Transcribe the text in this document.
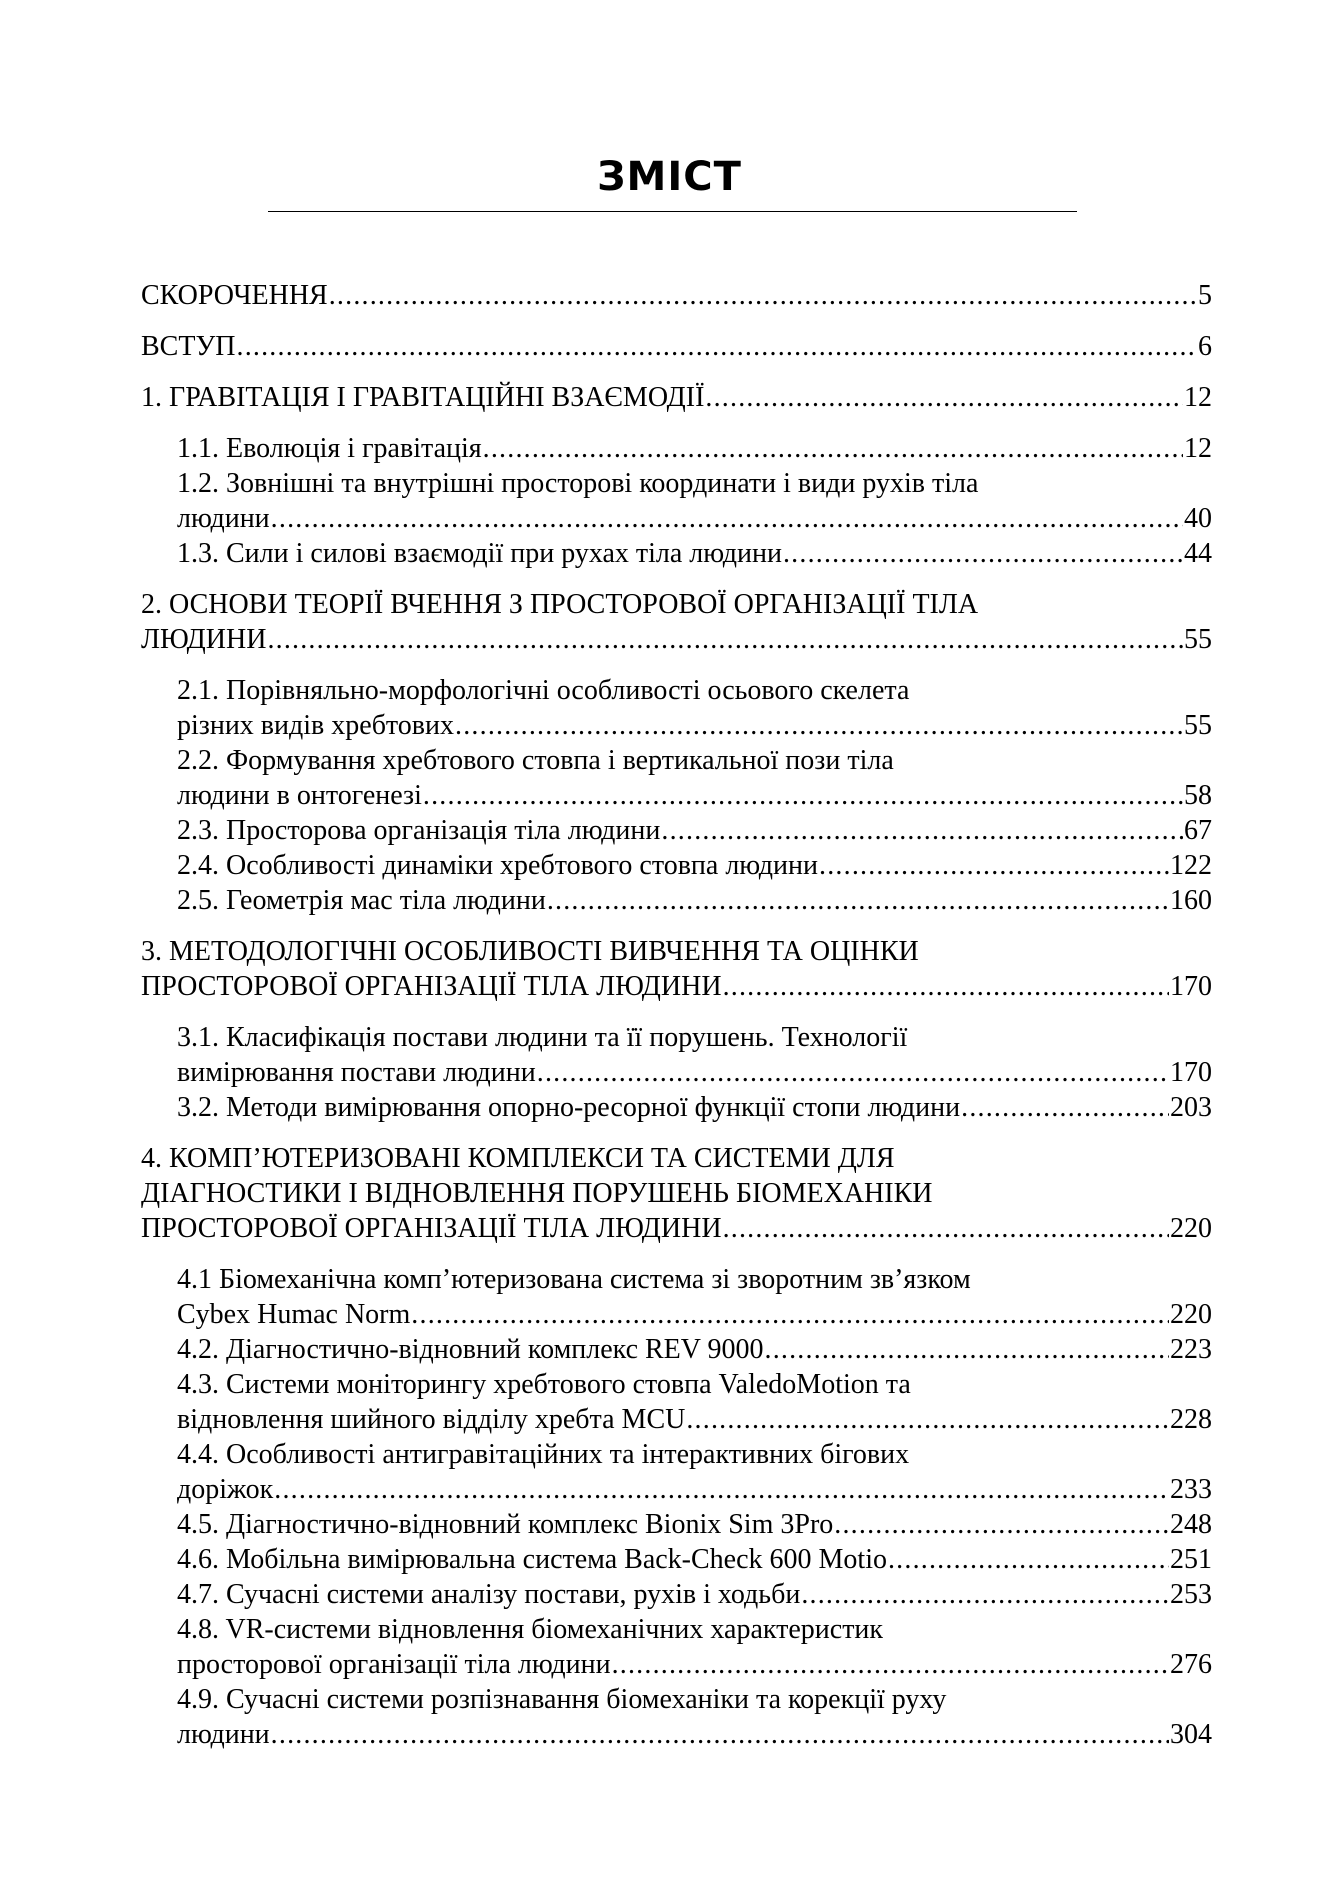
ЗМІСТ
СКОРОЧЕННЯ .....	5
ВСТУП .....	6
1. ГРАВІТАЦІЯ І ГРАВІТАЦІЙНІ ВЗАЄМОДІЇ .....	12
1.1. Еволюція і гравітація .....	12
1.2. Зовнішні та внутрішні просторові координати і види рухів тіла
людини .....	40
1.3. Сили і силові взаємодії при рухах тіла людини .....	44
2. ОСНОВИ ТЕОРІЇ ВЧЕННЯ З ПРОСТОРОВОЇ ОРГАНІЗАЦІЇ ТІЛА
ЛЮДИНИ .....	55
2.1. Порівняльно-морфологічні особливості осьового скелета
різних видів хребтових .....	55
2.2. Формування хребтового стовпа і вертикальної пози тіла
людини в онтогенезі .....	58
2.3. Просторова організація тіла людини .....	67
2.4. Особливості динаміки хребтового стовпа людини .....	122
2.5. Геометрія мас тіла людини .....	160
3. МЕТОДОЛОГІЧНІ ОСОБЛИВОСТІ ВИВЧЕННЯ ТА ОЦІНКИ
ПРОСТОРОВОЇ ОРГАНІЗАЦІЇ ТІЛА ЛЮДИНИ .....	170
3.1. Класифікація постави людини та її порушень. Технології
вимірювання постави людини .....	170
3.2. Методи вимірювання опорно-ресорної функції стопи людини .....	203
4. КОМП’ЮТЕРИЗОВАНІ КОМПЛЕКСИ ТА СИСТЕМИ ДЛЯ
ДІАГНОСТИКИ І ВІДНОВЛЕННЯ ПОРУШЕНЬ БІОМЕХАНІКИ
ПРОСТОРОВОЇ ОРГАНІЗАЦІЇ ТІЛА ЛЮДИНИ .....	220
4.1 Біомеханічна комп’ютеризована система зі зворотним зв’язком
Cybex Humac Norm .....	220
4.2. Діагностично-відновний комплекс REV 9000 .....	223
4.3. Системи моніторингу хребтового стовпа ValedoMotion та
відновлення шийного відділу хребта MCU .....	228
4.4. Особливості антигравітаційних та інтерактивних бігових
доріжок .....	233
4.5. Діагностично-відновний комплекс Bionix Sim 3Pro .....	248
4.6. Мобільна вимірювальна система Back-Check 600 Motio .....	251
4.7. Сучасні системи аналізу постави, рухів і ходьби .....	253
4.8. VR-системи відновлення біомеханічних характеристик
просторової організації тіла людини .....	276
4.9. Сучасні системи розпізнавання біомеханіки та корекції руху
людини .....	304
